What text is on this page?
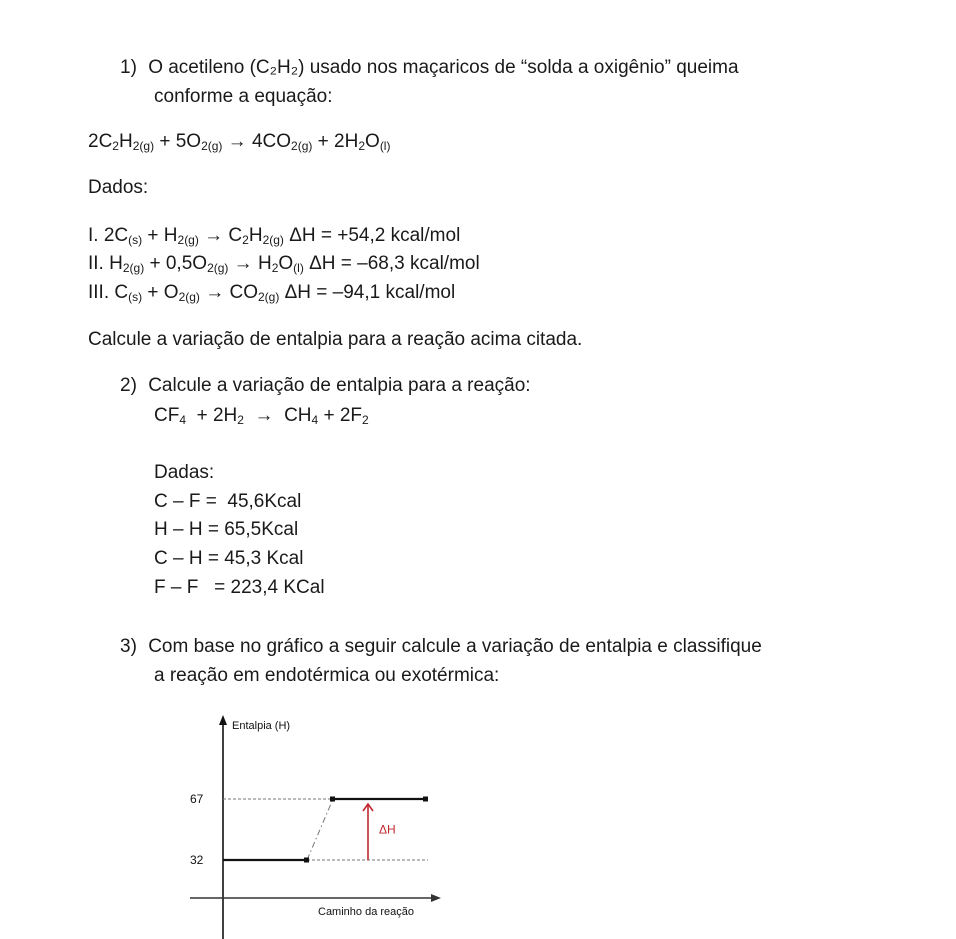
1) O acetileno (C₂H₂) usado nos maçaricos de “solda a oxigênio” queima
conforme a equação:
$2C_2H_{2(g)} + 5O_{2(g)} \to 4CO_{2(g)} + 2H_2O_{(l)}$
Dados:
I. $2C_{(s)} + H_{2(g)} \to C_2H_{2(g)}$ ΔH = +54,2 kcal/mol
II. $H_{2(g)} + 0,5O_{2(g)} \to H_2O_{(l)}$ ΔH = –68,3 kcal/mol
III. $C_{(s)} + O_{2(g)} \to CO_{2(g)}$ ΔH = –94,1 kcal/mol
Calcule a variação de entalpia para a reação acima citada.
2) Calcule a variação de entalpia para a reação:
$CF_4 + 2H_2 \to CH_4 + 2F_2$
Dadas:
C – F =  45,6Kcal
H – H = 65,5Kcal
C – H = 45,3 Kcal
F – F   = 223,4 KCal
3) Com base no gráfico a seguir calcule a variação de entalpia e classifique
a reação em endotérmica ou exotérmica:
Entalpia (H)
Caminho da reação
67
32
ΔH
